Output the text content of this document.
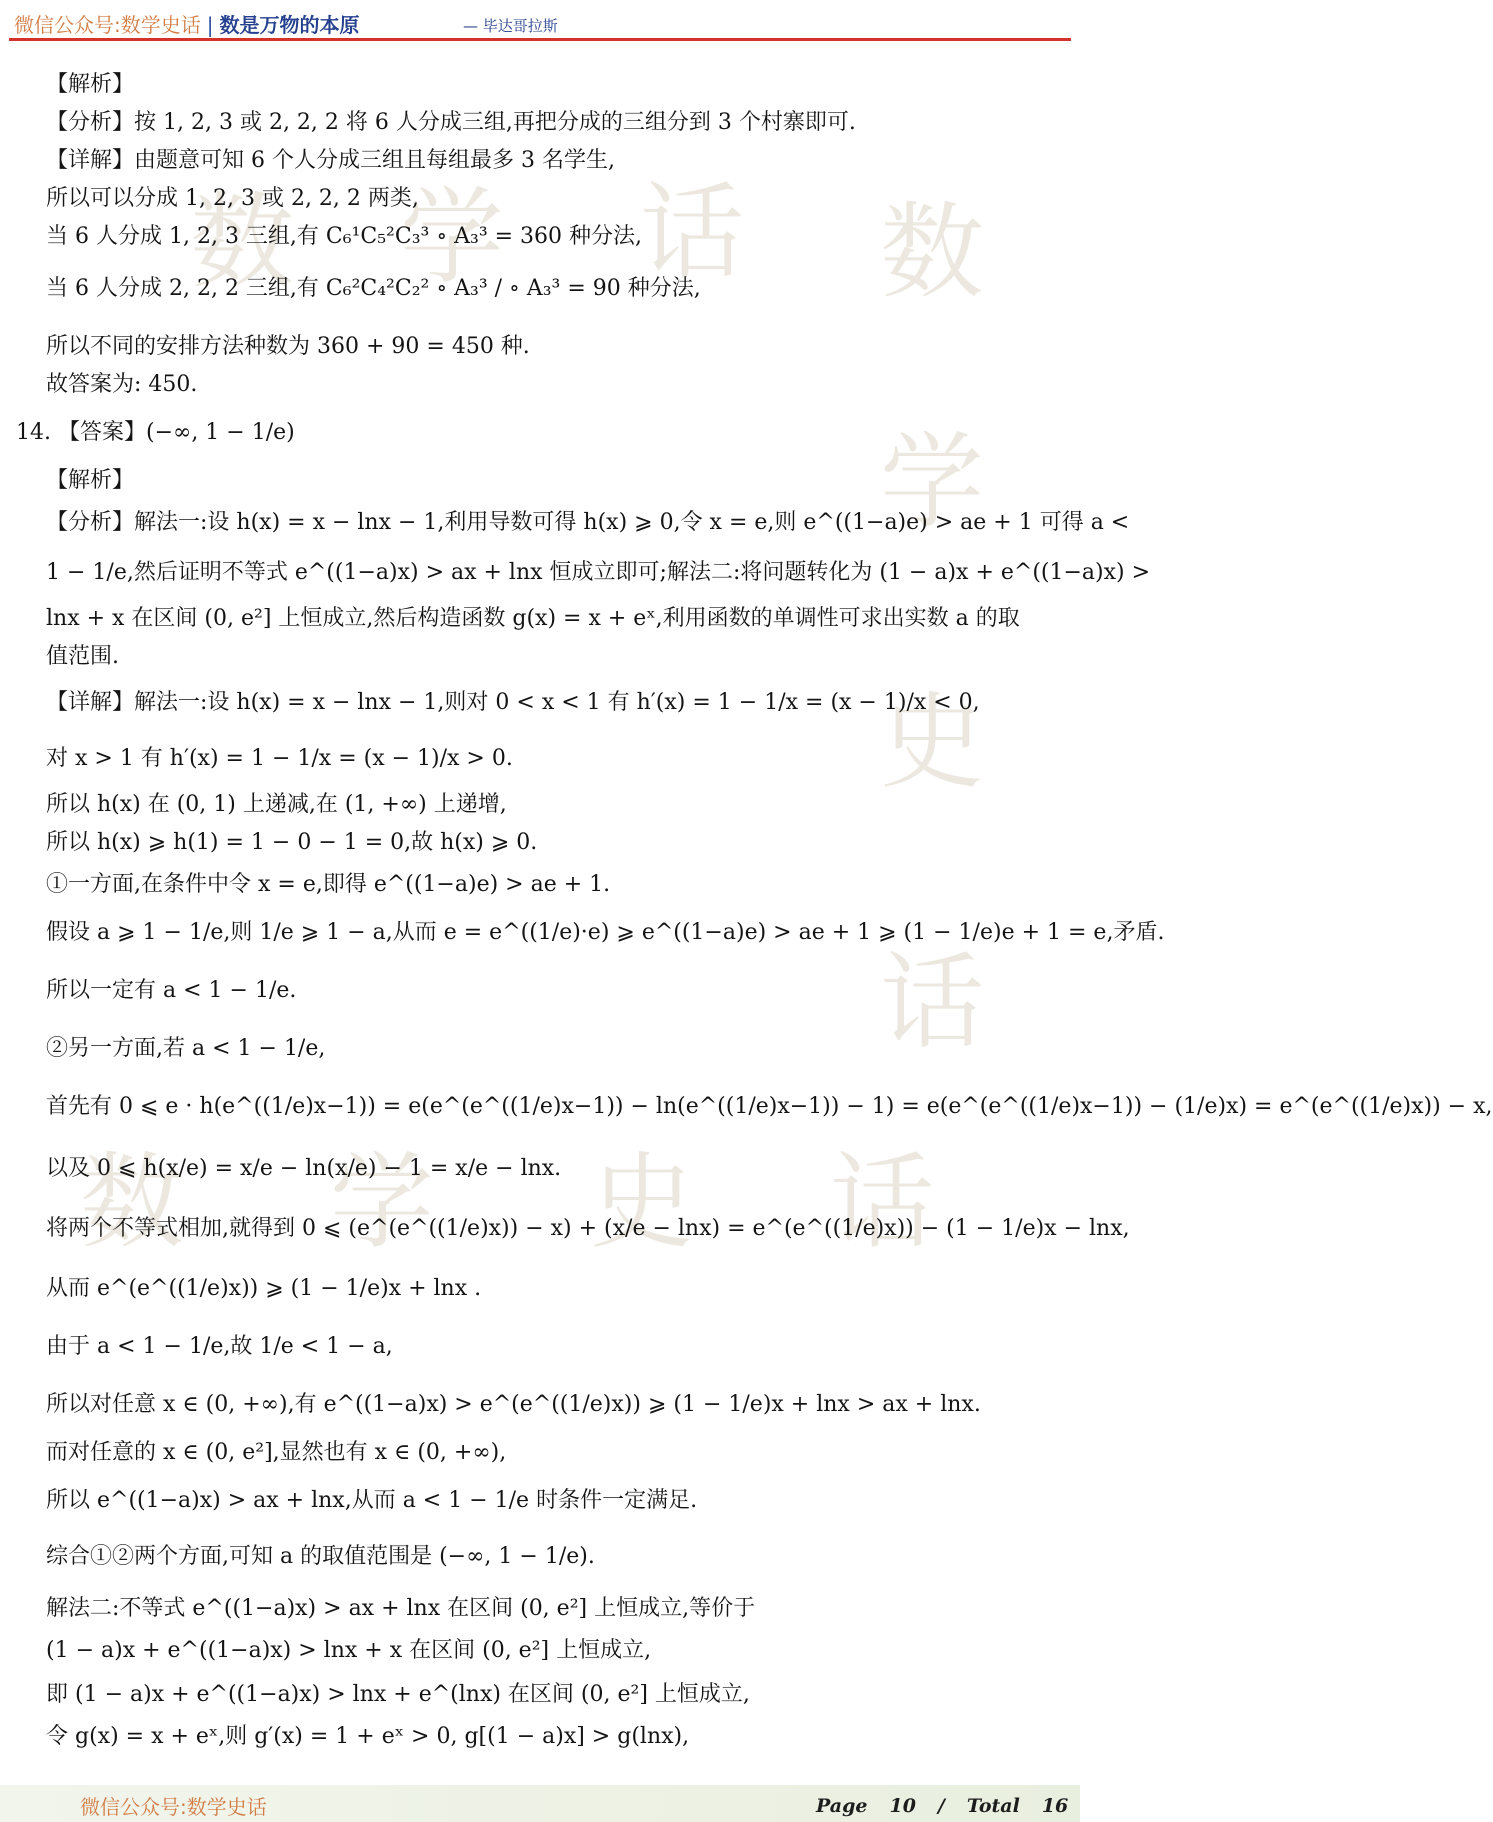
微信公众号:数学史话 | 数是万物的本原	— 毕达哥拉斯
数 学 话 数
学
史
话
数 学 史 话
【解析】
【分析】按 1, 2, 3 或 2, 2, 2 将 6 人分成三组,再把分成的三组分到 3 个村寨即可.
【详解】由题意可知 6 个人分成三组且每组最多 3 名学生,
所以可以分成 1, 2, 3 或 2, 2, 2 两类,
当 6 人分成 1, 2, 3 三组,有 C₆¹C₅²C₃³ ∘ A₃³ = 360 种分法,
当 6 人分成 2, 2, 2 三组,有 C₆²C₄²C₂² ∘ A₃³ / ∘ A₃³ = 90 种分法,
所以不同的安排方法种数为 360 + 90 = 450 种.
故答案为: 450.
14. 【答案】(−∞, 1 − 1/e)
【解析】
【分析】解法一:设 h(x) = x − lnx − 1,利用导数可得 h(x) ⩾ 0,令 x = e,则 e^((1−a)e) > ae + 1 可得 a <
1 − 1/e,然后证明不等式 e^((1−a)x) > ax + lnx 恒成立即可;解法二:将问题转化为 (1 − a)x + e^((1−a)x) >
lnx + x 在区间 (0, e²] 上恒成立,然后构造函数 g(x) = x + eˣ,利用函数的单调性可求出实数 a 的取
值范围.
【详解】解法一:设 h(x) = x − lnx − 1,则对 0 < x < 1 有 h′(x) = 1 − 1/x = (x − 1)/x < 0,
对 x > 1 有 h′(x) = 1 − 1/x = (x − 1)/x > 0.
所以 h(x) 在 (0, 1) 上递减,在 (1, +∞) 上递增,
所以 h(x) ⩾ h(1) = 1 − 0 − 1 = 0,故 h(x) ⩾ 0.
①一方面,在条件中令 x = e,即得 e^((1−a)e) > ae + 1.
假设 a ⩾ 1 − 1/e,则 1/e ⩾ 1 − a,从而 e = e^((1/e)·e) ⩾ e^((1−a)e) > ae + 1 ⩾ (1 − 1/e)e + 1 = e,矛盾.
所以一定有 a < 1 − 1/e.
②另一方面,若 a < 1 − 1/e,
首先有 0 ⩽ e · h(e^((1/e)x−1)) = e(e^(e^((1/e)x−1)) − ln(e^((1/e)x−1)) − 1) = e(e^(e^((1/e)x−1)) − (1/e)x) = e^(e^((1/e)x)) − x,
以及 0 ⩽ h(x/e) = x/e − ln(x/e) − 1 = x/e − lnx.
将两个不等式相加,就得到 0 ⩽ (e^(e^((1/e)x)) − x) + (x/e − lnx) = e^(e^((1/e)x)) − (1 − 1/e)x − lnx,
从而 e^(e^((1/e)x)) ⩾ (1 − 1/e)x + lnx .
由于 a < 1 − 1/e,故 1/e < 1 − a,
所以对任意 x ∈ (0, +∞),有 e^((1−a)x) > e^(e^((1/e)x)) ⩾ (1 − 1/e)x + lnx > ax + lnx.
而对任意的 x ∈ (0, e²],显然也有 x ∈ (0, +∞),
所以 e^((1−a)x) > ax + lnx,从而 a < 1 − 1/e 时条件一定满足.
综合①②两个方面,可知 a 的取值范围是 (−∞, 1 − 1/e).
解法二:不等式 e^((1−a)x) > ax + lnx 在区间 (0, e²] 上恒成立,等价于
(1 − a)x + e^((1−a)x) > lnx + x 在区间 (0, e²] 上恒成立,
即 (1 − a)x + e^((1−a)x) > lnx + e^(lnx) 在区间 (0, e²] 上恒成立,
令 g(x) = x + eˣ,则 g′(x) = 1 + eˣ > 0, g[(1 − a)x] > g(lnx),
微信公众号:数学史话	Page 10 / Total 16
